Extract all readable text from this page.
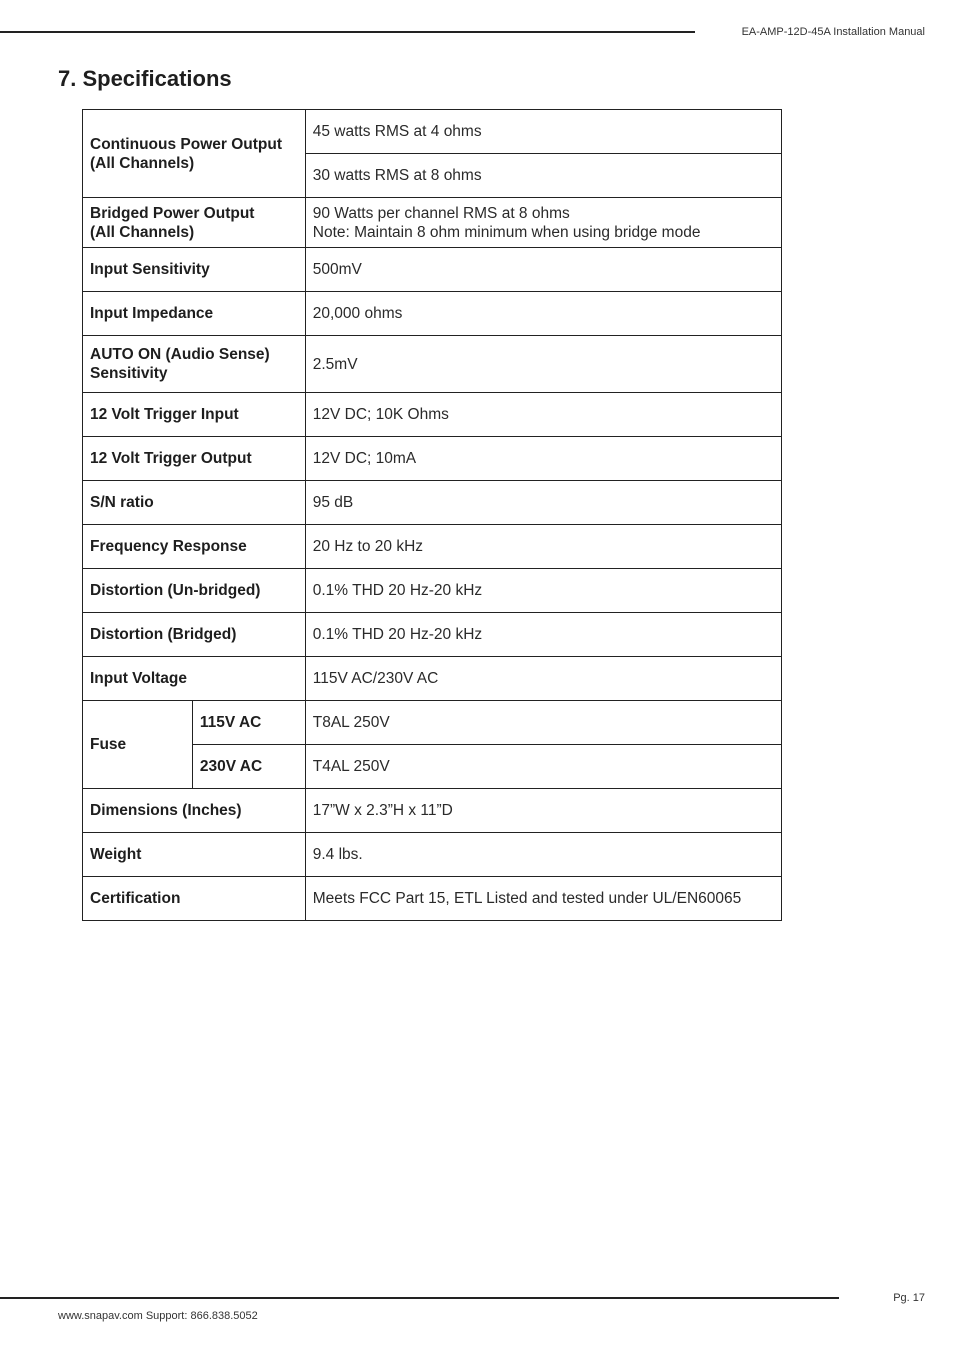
EA-AMP-12D-45A Installation Manual
7. Specifications
Continuous Power Output
(All Channels)		45 watts RMS at 4 ohms
		30 watts RMS at 8 ohms
Bridged Power Output
(All Channels)		90 Watts per channel RMS at 8 ohms
Note: Maintain 8 ohm minimum when using bridge mode
Input Sensitivity		500mV
Input Impedance		20,000 ohms
AUTO ON (Audio Sense)
Sensitivity		2.5mV
12 Volt Trigger Input		12V DC; 10K Ohms
12 Volt Trigger Output		12V DC; 10mA
S/N ratio		95 dB
Frequency Response		20 Hz to 20 kHz
Distortion (Un-bridged)		0.1% THD 20 Hz-20 kHz
Distortion (Bridged)		0.1% THD 20 Hz-20 kHz
Input Voltage		115V AC/230V AC
Fuse	115V AC	T8AL 250V
	230V AC	T4AL 250V
Dimensions (Inches)		17”W x 2.3”H x 11”D
Weight		9.4 lbs.
Certification		Meets FCC Part 15, ETL Listed and tested under UL/EN60065
Pg. 17
www.snapav.com Support: 866.838.5052
